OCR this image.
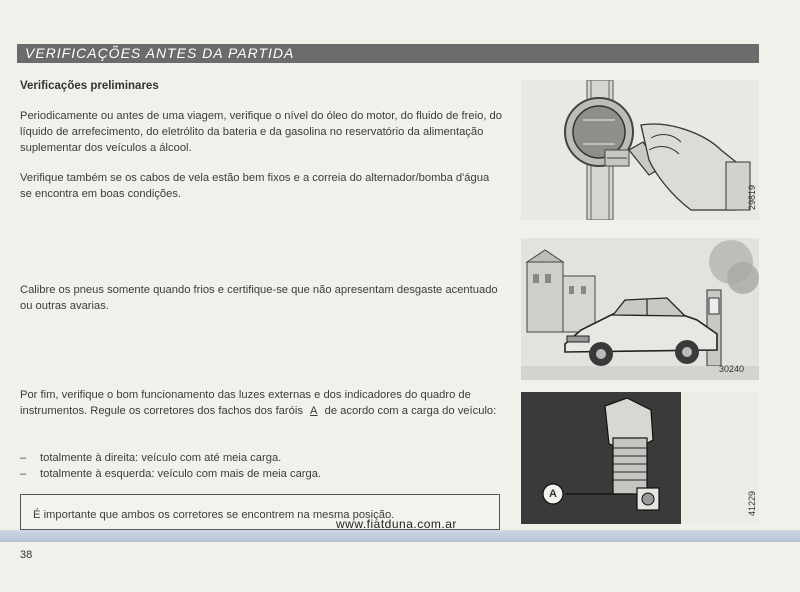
VERIFICAÇÕES ANTES DA PARTIDA
Verificações preliminares

Periodicamente ou antes de uma viagem, verifique o nível do óleo do motor, do fluido de freio, do líquido de arrefecimento, do eletrólito da bateria e da gasolina no reservatório da alimentação suplementar dos veículos a álcool.

Verifique também se os cabos de vela estão bem fixos e a correia do alternador/bomba d'água se encontra em boas condições.

Calibre os pneus somente quando frios e certifique-se que não apresentam desgaste acentuado ou outras avarias.

Por fim, verifique o bom funcionamento das luzes externas e dos indicadores do quadro de instrumentos. Regule os corretores dos fachos dos faróis A de acordo com a carga do veículo:

– totalmente à direita: veículo com até meia carga.
– totalmente à esquerda: veículo com mais de meia carga.
É importante que ambos os corretores se encontrem na mesma posição.
www.fiatduna.com.ar
38
29819
30240
A	41229
